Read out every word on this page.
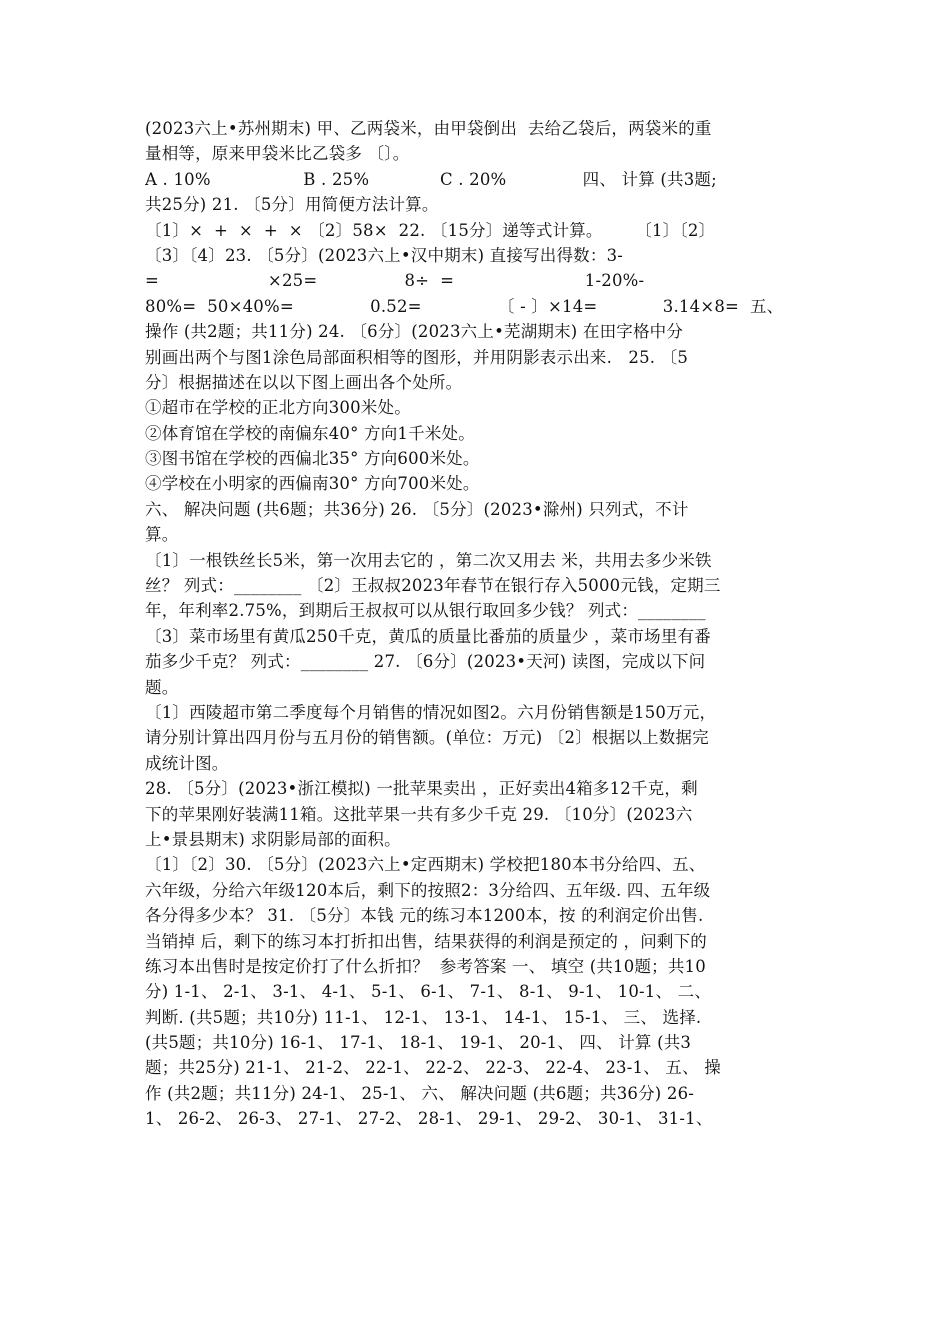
(2023六上•苏州期末) 甲、乙两袋米，由甲袋倒出  去给乙袋后，两袋米的重
量相等，原来甲袋米比乙袋多 〔〕。
A . 10%                 B . 25%             C . 20%              四、 计算 (共3题;
共25分) 21. 〔5分〕用简便方法计算。
〔1〕×  +  ×  +  × 〔2〕58×  22. 〔15分〕递等式计算。      〔1〕〔2〕
〔3〕〔4〕23. 〔5分〕(2023六上•汉中期末) 直接写出得数：3-
=                    ×25=                8÷  =                        1-20%-
80%=  50×40%=              0.52=              〔 - 〕×14=            3.14×8=  五、
操作 (共2题；共11分) 24. 〔6分〕(2023六上•芜湖期末) 在田字格中分
别画出两个与图1涂色局部面积相等的图形，并用阴影表示出来.   25. 〔5
分〕根据描述在以以下图上画出各个处所。
①超市在学校的正北方向300米处。
②体育馆在学校的南偏东40° 方向1千米处。
③图书馆在学校的西偏北35° 方向600米处。
④学校在小明家的西偏南30° 方向700米处。
六、 解决问题 (共6题；共36分) 26. 〔5分〕(2023•滁州) 只列式，不计
算。
〔1〕一根铁丝长5米，第一次用去它的 ，第二次又用去 米，共用去多少米铁
丝？ 列式：________ 〔2〕王叔叔2023年春节在银行存入5000元钱，定期三
年，年利率2.75%，到期后王叔叔可以从银行取回多少钱？ 列式：________
〔3〕菜市场里有黄瓜250千克，黄瓜的质量比番茄的质量少 ，菜市场里有番
茄多少千克？ 列式：________ 27. 〔6分〕(2023•天河) 读图，完成以下问
题。
〔1〕西陵超市第二季度每个月销售的情况如图2。六月份销售额是150万元，
请分别计算出四月份与五月份的销售额。(单位：万元) 〔2〕根据以上数据完
成统计图。
28. 〔5分〕(2023•浙江模拟) 一批苹果卖出 ，正好卖出4箱多12千克，剩
下的苹果刚好装满11箱。这批苹果一共有多少千克 29. 〔10分〕(2023六
上•景县期末) 求阴影局部的面积。
〔1〕〔2〕30. 〔5分〕(2023六上•定西期末) 学校把180本书分给四、五、
六年级，分给六年级120本后，剩下的按照2：3分给四、五年级. 四、五年级
各分得多少本？ 31. 〔5分〕本钱 元的练习本1200本，按 的利润定价出售.
当销掉 后，剩下的练习本打折扣出售，结果获得的利润是预定的 ，问剩下的
练习本出售时是按定价打了什么折扣？  参考答案 一、 填空 (共10题；共10
分) 1-1、 2-1、 3-1、 4-1、 5-1、 6-1、 7-1、 8-1、 9-1、 10-1、 二、
判断. (共5题；共10分) 11-1、 12-1、 13-1、 14-1、 15-1、 三、 选择.
(共5题；共10分) 16-1、 17-1、 18-1、 19-1、 20-1、 四、 计算 (共3
题；共25分) 21-1、 21-2、 22-1、 22-2、 22-3、 22-4、 23-1、 五、 操
作 (共2题；共11分) 24-1、 25-1、 六、 解决问题 (共6题；共36分) 26-
1、 26-2、 26-3、 27-1、 27-2、 28-1、 29-1、 29-2、 30-1、 31-1、
